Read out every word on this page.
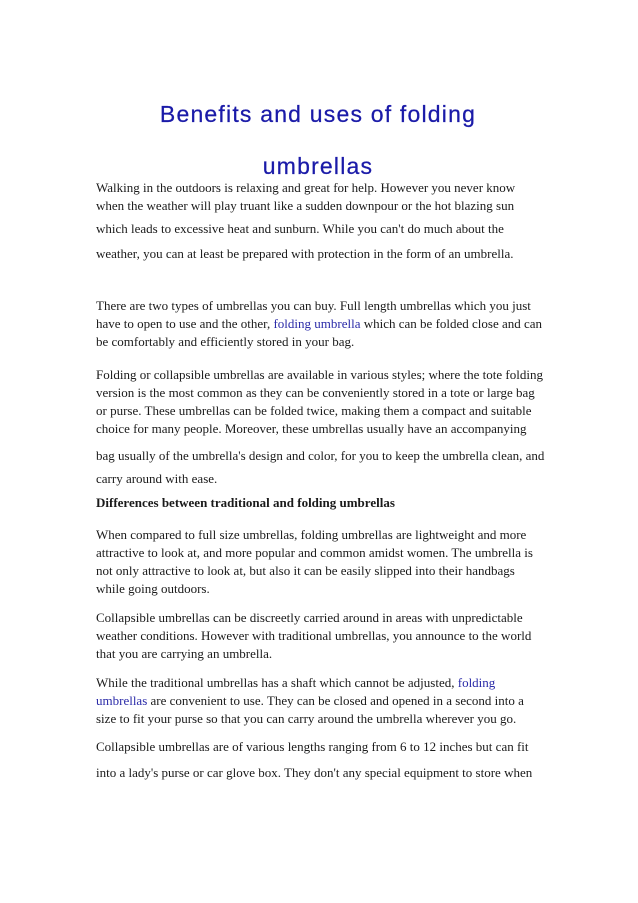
Benefits and uses of folding
umbrellas
Walking in the outdoors is relaxing and great for help. However you never know
when the weather will play truant like a sudden downpour or the hot blazing sun
which leads to excessive heat and sunburn. While you can't do much about the
weather, you can at least be prepared with protection in the form of an umbrella.
There are two types of umbrellas you can buy. Full length umbrellas which you just
have to open to use and the other, folding umbrella which can be folded close and can
be comfortably and efficiently stored in your bag.
Folding or collapsible umbrellas are available in various styles; where the tote folding
version is the most common as they can be conveniently stored in a tote or large bag
or purse. These umbrellas can be folded twice, making them a compact and suitable
choice for many people. Moreover, these umbrellas usually have an accompanying
bag usually of the umbrella's design and color, for you to keep the umbrella clean, and
carry around with ease.
Differences between traditional and folding umbrellas
When compared to full size umbrellas, folding umbrellas are lightweight and more
attractive to look at, and more popular and common amidst women. The umbrella is
not only attractive to look at, but also it can be easily slipped into their handbags
while going outdoors.
Collapsible umbrellas can be discreetly carried around in areas with unpredictable
weather conditions. However with traditional umbrellas, you announce to the world
that you are carrying an umbrella.
While the traditional umbrellas has a shaft which cannot be adjusted, folding
umbrellas are convenient to use. They can be closed and opened in a second into a
size to fit your purse so that you can carry around the umbrella wherever you go.
Collapsible umbrellas are of various lengths ranging from 6 to 12 inches but can fit
into a lady's purse or car glove box. They don't any special equipment to store when
